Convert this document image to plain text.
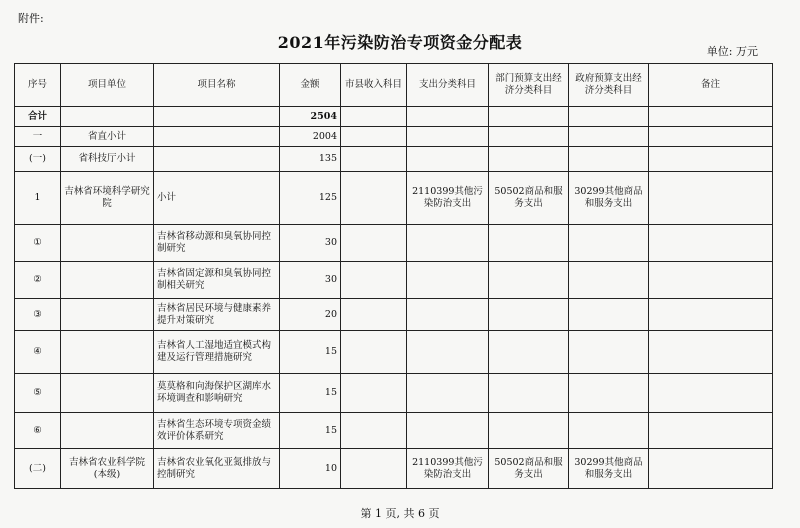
附件:
2021年污染防治专项资金分配表	单位: 万元
序号	项目单位	项目名称	金额	市县收入科目	支出分类科目	部门预算支出经济分类科目	政府预算支出经济分类科目	备注
合计			2504					
一	省直小计		2004					
(一)	省科技厅小计		135					
1	吉林省环境科学研究院	小计	125		2110399其他污染防治支出	50502商品和服务支出	30299其他商品和服务支出	
①		吉林省移动源和臭氧协同控制研究	30					
②		吉林省固定源和臭氧协同控制相关研究	30					
③		吉林省居民环境与健康素养提升对策研究	20					
④		吉林省人工湿地适宜模式构建及运行管理措施研究	15					
⑤		莫莫格和向海保护区湖库水环境调查和影响研究	15					
⑥		吉林省生态环境专项资金绩效评价体系研究	15					
(二)	吉林省农业科学院(本级)	吉林省农业氧化亚氮排放与控制研究	10		2110399其他污染防治支出	50502商品和服务支出	30299其他商品和服务支出	
第 1 页, 共 6 页
